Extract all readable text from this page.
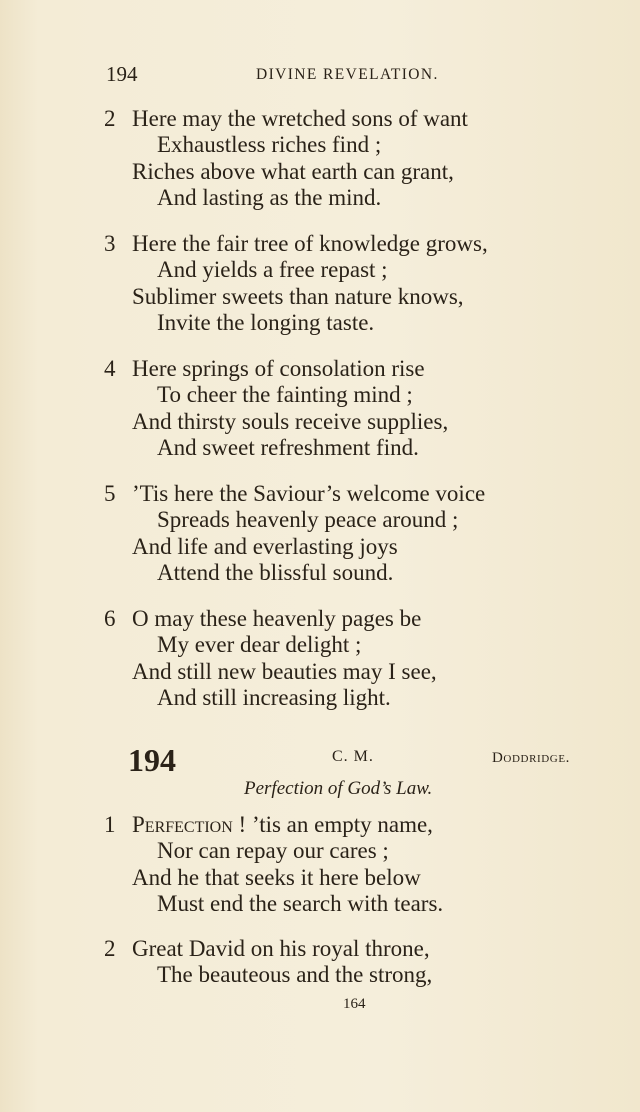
194	DIVINE REVELATION.
2 Here may the wretched sons of want
Exhaustless riches find ;
Riches above what earth can grant,
And lasting as the mind.
3 Here the fair tree of knowledge grows,
And yields a free repast ;
Sublimer sweets than nature knows,
Invite the longing taste.
4 Here springs of consolation rise
To cheer the fainting mind ;
And thirsty souls receive supplies,
And sweet refreshment find.
5 ’Tis here the Saviour’s welcome voice
Spreads heavenly peace around ;
And life and everlasting joys
Attend the blissful sound.
6 O may these heavenly pages be
My ever dear delight ;
And still new beauties may I see,
And still increasing light.
194	C. M.	Doddridge.
Perfection of God’s Law.
1 Perfection ! ’tis an empty name,
Nor can repay our cares ;
And he that seeks it here below
Must end the search with tears.
2 Great David on his royal throne,
The beauteous and the strong,
164
